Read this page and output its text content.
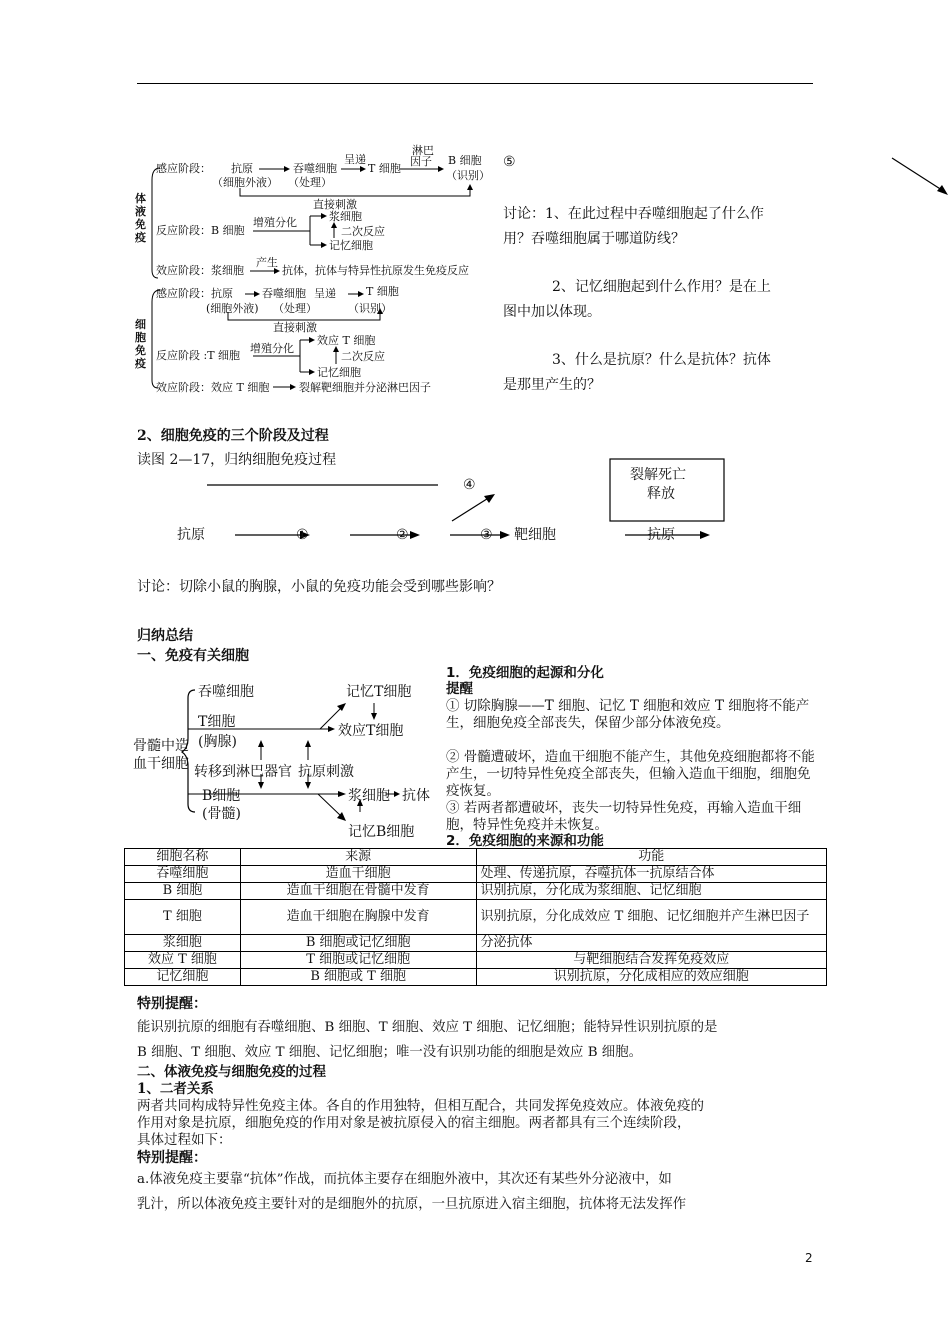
体液免疫
细胞免疫
感应阶段： 抗原
（细胞外液）
吞噬细胞
（处理）
呈递
T 细胞
淋巴
因子 B 细胞
（识别）
直接刺激
反应阶段：B 细胞
增殖分化	浆细胞
二次反应
记忆细胞
效应阶段：浆细胞
产生
抗体，抗体与特异性抗原发生免疫反应
感应阶段：抗原	吞噬细胞 呈递	T 细胞
(细胞外液) （处理）	（识别）
直接刺激
反应阶段 :T 细胞
增殖分化
效应 T 细胞
二次反应
记忆细胞
效应阶段：效应 T 细胞	裂解靶细胞并分泌淋巴因子
⑤
讨论：1、在此过程中吞噬细胞起了什么作
用？吞噬细胞属于哪道防线？
2、记忆细胞起到什么作用？是在上
图中加以体现。
3、什么是抗原？什么是抗体？抗体
是那里产生的？
2、细胞免疫的三个阶段及过程
读图 2—17，归纳细胞免疫过程
裂解死亡
释放
抗原	①	②	③
④
靶细胞	抗原
讨论：切除小鼠的胸腺，小鼠的免疫功能会受到哪些影响？
归纳总结
一、免疫有关细胞
骨髓中造
血干细胞
吞噬细胞
T细胞
(胸腺)
转移到淋巴器官 抗原刺激
B细胞
(骨髓)
记忆T细胞
效应T细胞
浆细胞 抗体
记忆B细胞
1．免疫细胞的起源和分化
提醒
① 切除胸腺——T 细胞、记忆 T 细胞和效应 T 细胞将不能产生，细胞免疫全部丧失，保留少部分体液免疫。
② 骨髓遭破坏，造血干细胞不能产生，其他免疫细胞都将不能产生，一切特异性免疫全部丧失，但输入造血干细胞，细胞免疫恢复。
③ 若两者都遭破坏，丧失一切特异性免疫，再输入造血干细胞，特异性免疫并未恢复。
2．免疫细胞的来源和功能
细胞名称	来源	功能
吞噬细胞	造血干细胞	处理、传递抗原，吞噬抗体一抗原结合体
B 细胞	造血干细胞在骨髓中发育	识别抗原，分化成为浆细胞、记忆细胞
T 细胞	造血干细胞在胸腺中发育	识别抗原，分化成效应 T 细胞、记忆细胞并产生淋巴因子
浆细胞	B 细胞或记忆细胞	分泌抗体
效应 T 细胞	T 细胞或记忆细胞	与靶细胞结合发挥免疫效应
记忆细胞	B 细胞或 T 细胞	识别抗原，分化成相应的效应细胞
特别提醒：
能识别抗原的细胞有吞噬细胞、B 细胞、T 细胞、效应 T 细胞、记忆细胞；能特异性识别抗原的是
B 细胞、T 细胞、效应 T 细胞、记忆细胞；唯一没有识别功能的细胞是效应 B 细胞。
二、体液免疫与细胞免疫的过程
1、二者关系
两者共同构成特异性免疫主体。各自的作用独特，但相互配合，共同发挥免疫效应。体液免疫的
作用对象是抗原，细胞免疫的作用对象是被抗原侵入的宿主细胞。两者都具有三个连续阶段，
具体过程如下：
特别提醒：
a.体液免疫主要靠“抗体”作战，而抗体主要存在细胞外液中，其次还有某些外分泌液中，如
乳汁，所以体液免疫主要针对的是细胞外的抗原，一旦抗原进入宿主细胞，抗体将无法发挥作
2
